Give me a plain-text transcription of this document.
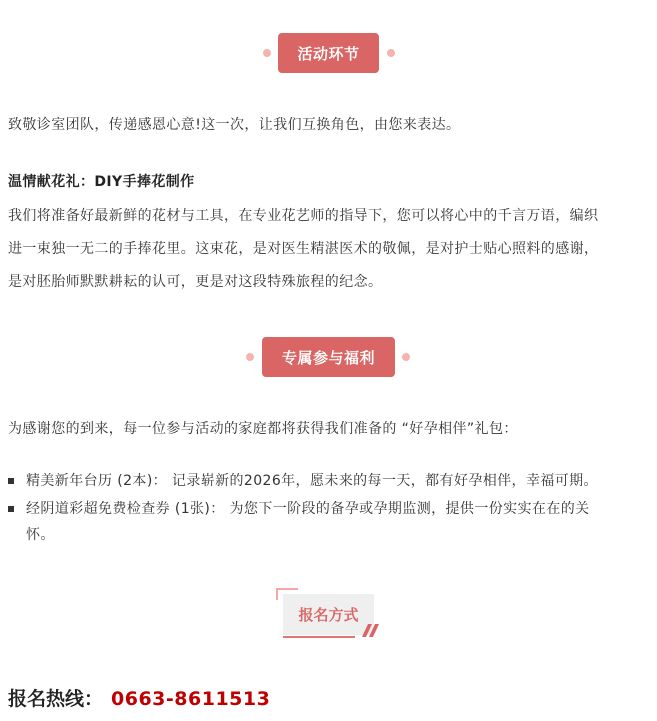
活动环节
致敬诊室团队，传递感恩心意!这一次，让我们互换角色，由您来表达。
温情献花礼：DIY手捧花制作
我们将准备好最新鲜的花材与工具，在专业花艺师的指导下，您可以将心中的千言万语，编织
进一束独一无二的手捧花里。这束花，是对医生精湛医术的敬佩，是对护士贴心照料的感谢，
是对胚胎师默默耕耘的认可，更是对这段特殊旅程的纪念。
专属参与福利
为感谢您的到来，每一位参与活动的家庭都将获得我们准备的 “好孕相伴”礼包：
精美新年台历 (2本)： 记录崭新的2026年，愿未来的每一天，都有好孕相伴，幸福可期。
经阴道彩超免费检查券 (1张)： 为您下一阶段的备孕或孕期监测，提供一份实实在在的关
怀。
报名方式
报名热线： 0663-8611513
